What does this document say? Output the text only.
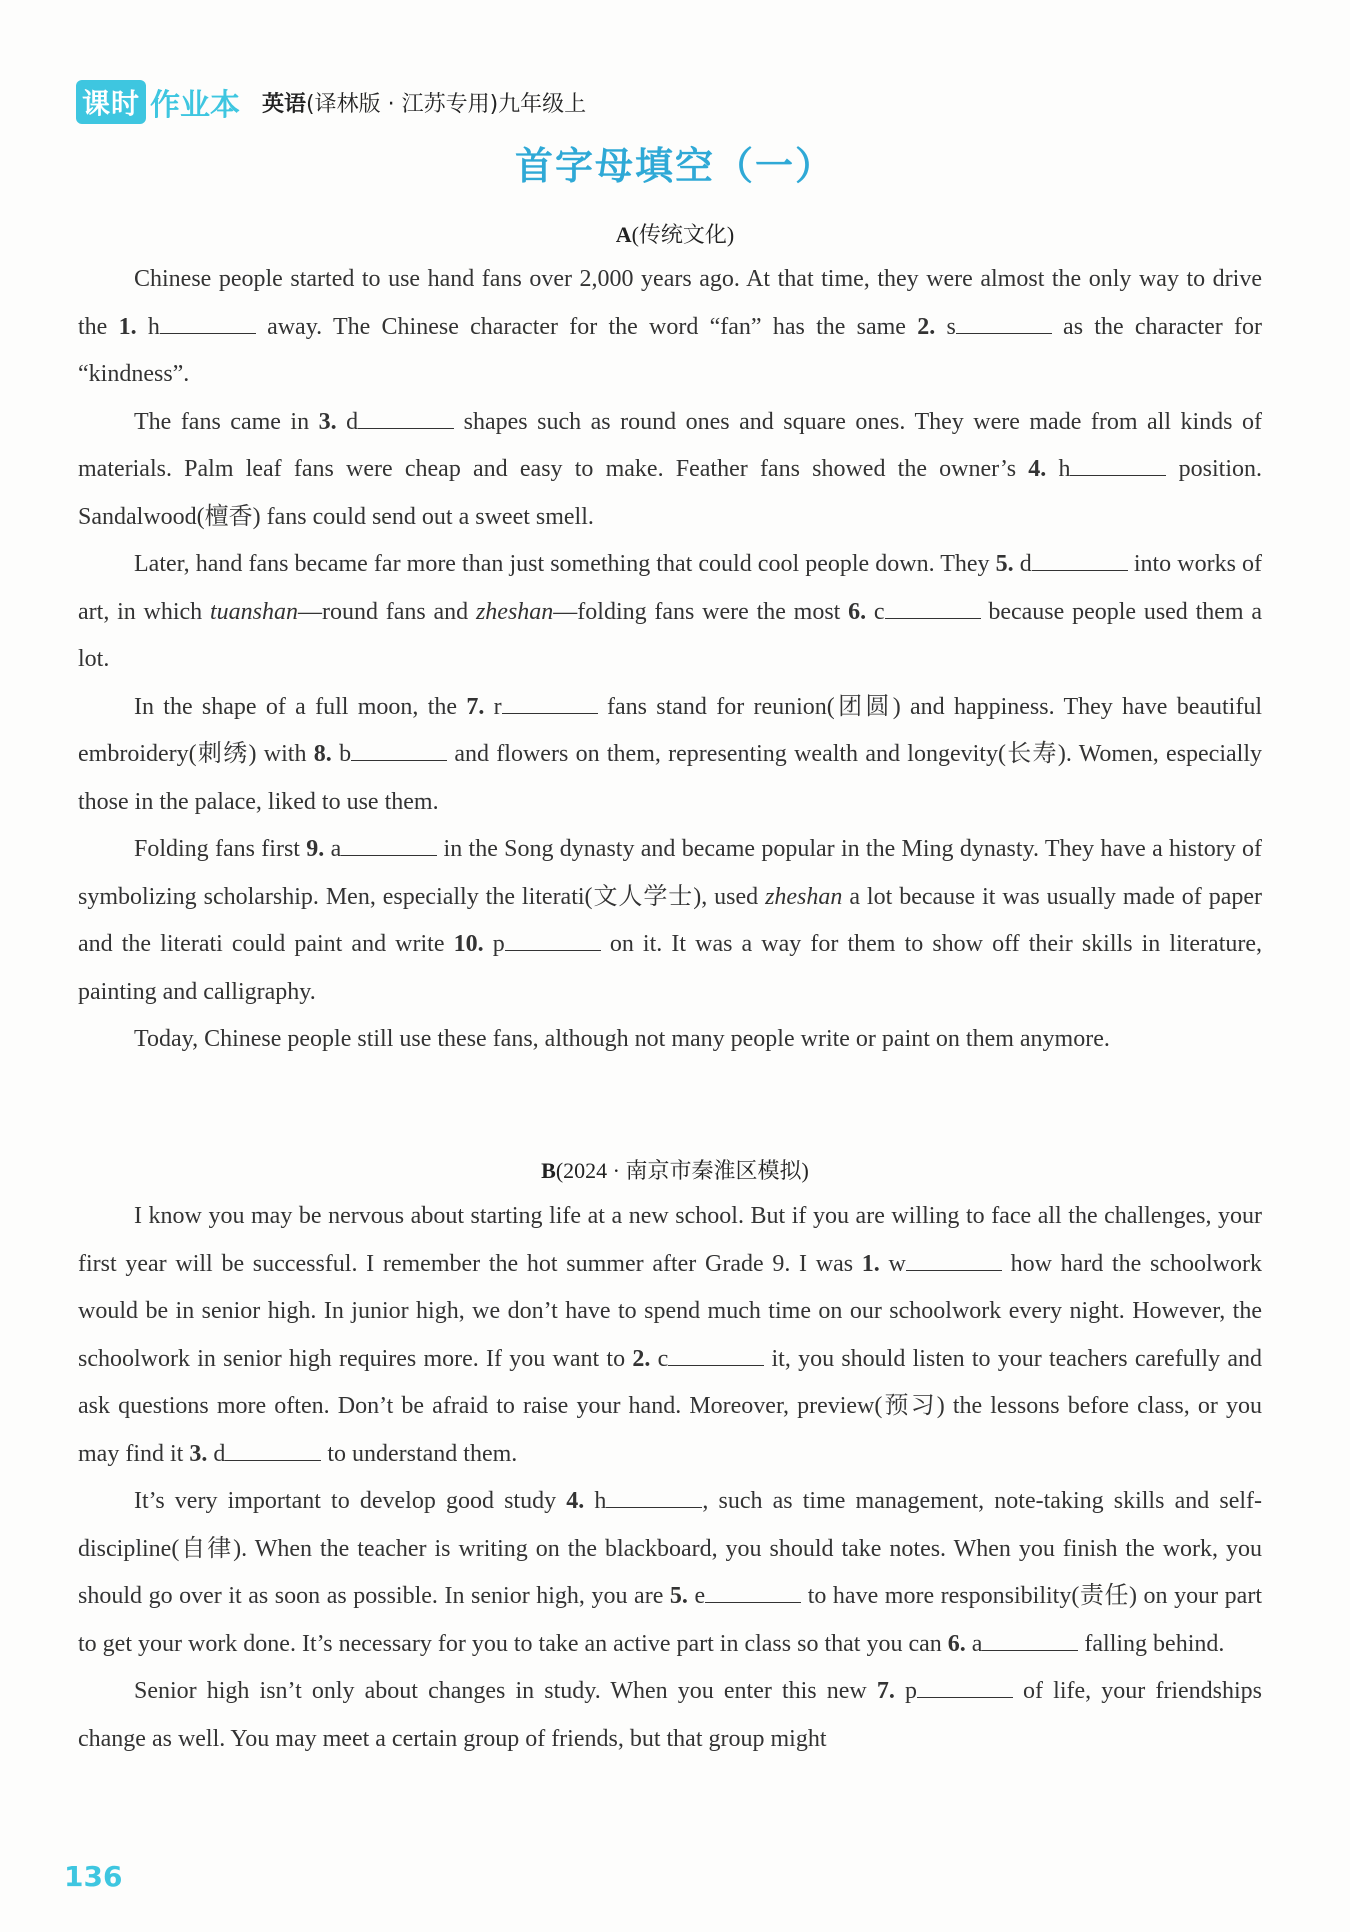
课时 作业本 英语(译林版 · 江苏专用)九年级上
首字母填空（一）
A(传统文化)

Chinese people started to use hand fans over 2,000 years ago. At that time, they were almost the only way to drive the 1. h	away. The Chinese character for the word “fan” has the same 2. s	as the character for “kindness”.

The fans came in 3. d	shapes such as round ones and square ones. They were made from all kinds of materials. Palm leaf fans were cheap and easy to make. Feather fans showed the owner’s 4. h	position. Sandalwood(檀香) fans could send out a sweet smell.

Later, hand fans became far more than just something that could cool people down. They 5. d	into works of art, in which tuanshan—round fans and zheshan—folding fans were the most 6. c	because people used them a lot.

In the shape of a full moon, the 7. r	fans stand for reunion(团圆) and happiness. They have beautiful embroidery(刺绣) with 8. b	and flowers on them, representing wealth and longevity(长寿). Women, especially those in the palace, liked to use them.

Folding fans first 9. a	in the Song dynasty and became popular in the Ming dynasty. They have a history of symbolizing scholarship. Men, especially the literati(文人学士), used zheshan a lot because it was usually made of paper and the literati could paint and write 10. p	on it. It was a way for them to show off their skills in literature, painting and calligraphy.

Today, Chinese people still use these fans, although not many people write or paint on them anymore.

B(2024 · 南京市秦淮区模拟)

I know you may be nervous about starting life at a new school. But if you are willing to face all the challenges, your first year will be successful. I remember the hot summer after Grade 9. I was 1. w	how hard the schoolwork would be in senior high. In junior high, we don’t have to spend much time on our schoolwork every night. However, the schoolwork in senior high requires more. If you want to 2. c	it, you should listen to your teachers carefully and ask questions more often. Don’t be afraid to raise your hand. Moreover, preview(预习) the lessons before class, or you may find it 3. d	to understand them.

It’s very important to develop good study 4. h	, such as time management, note-taking skills and self-discipline(自律). When the teacher is writing on the blackboard, you should take notes. When you finish the work, you should go over it as soon as possible. In senior high, you are 5. e	to have more responsibility(责任) on your part to get your work done. It’s necessary for you to take an active part in class so that you can 6. a	falling behind.

Senior high isn’t only about changes in study. When you enter this new 7. p	of life, your friendships change as well. You may meet a certain group of friends, but that group might

136
